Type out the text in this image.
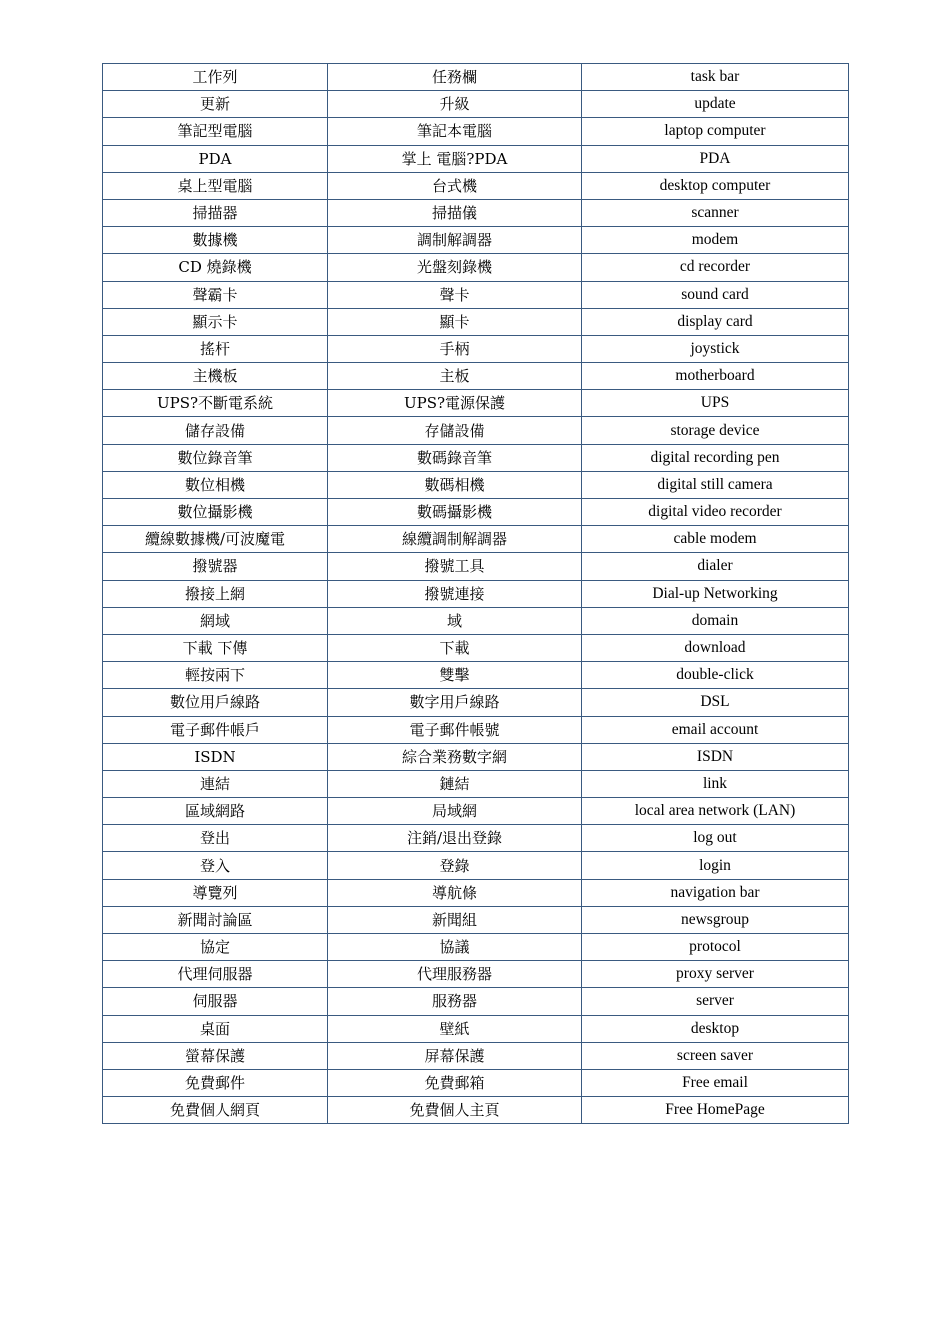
工作列	任務欄	task bar
更新	升級	update
筆記型電腦	筆記本電腦	laptop computer
PDA	掌上 電腦?PDA	PDA
桌上型電腦	台式機	desktop computer
掃描器	掃描儀	scanner
數據機	調制解調器	modem
CD 燒錄機	光盤刻錄機	cd recorder
聲霸卡	聲卡	sound card
顯示卡	顯卡	display card
搖杆	手柄	joystick
主機板	主板	motherboard
UPS?不斷電系統	UPS?電源保護	UPS
儲存設備	存儲設備	storage device
數位錄音筆	數碼錄音筆	digital recording pen
數位相機	數碼相機	digital still camera
數位攝影機	數碼攝影機	digital video recorder
纜線數據機/可波魔電	線纜調制解調器	cable modem
撥號器	撥號工具	dialer
撥接上網	撥號連接	Dial-up Networking
網域	域	domain
下載 下傳	下載	download
輕按兩下	雙擊	double-click
數位用戶線路	數字用戶線路	DSL
電子郵件帳戶	電子郵件帳號	email account
ISDN	綜合業務數字網	ISDN
連結	鏈結	link
區域網路	局域網	local area network (LAN)
登出	注銷/退出登錄	log out
登入	登錄	login
導覽列	導航條	navigation bar
新聞討論區	新聞組	newsgroup
協定	協議	protocol
代理伺服器	代理服務器	proxy server
伺服器	服務器	server
桌面	壁紙	desktop
螢幕保護	屏幕保護	screen saver
免費郵件	免費郵箱	Free email
免費個人網頁	免費個人主頁	Free HomePage
